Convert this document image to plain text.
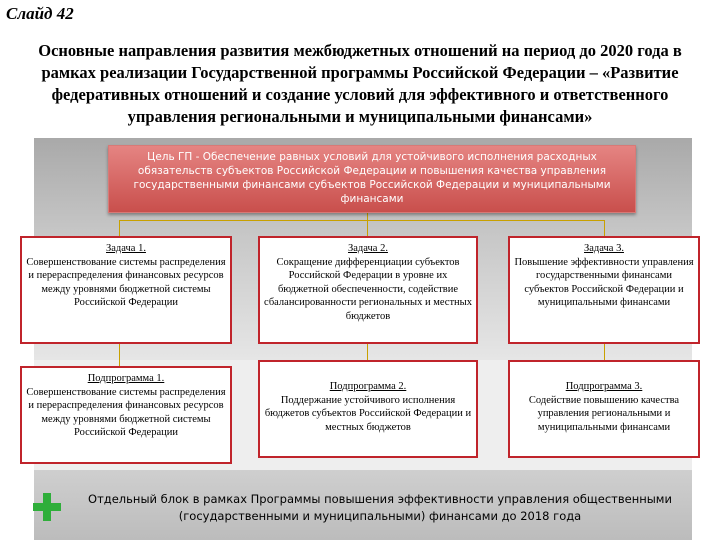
Слайд 42
Основные направления развития межбюджетных отношений на период до 2020 года в рамках реализации Государственной программы Российской Федерации – «Развитие федеративных отношений и создание условий для эффективного и ответственного управления региональными и муниципальными финансами»
Цель ГП - Обеспечение равных условий для устойчивого исполнения расходных обязательств субъектов Российской Федерации и повышения качества управления государственными финансами субъектов Российской Федерации и муниципальными финансами
Задача 1.
Совершенствование системы распределения и перераспределения финансовых ресурсов между уровнями бюджетной системы Российской Федерации
Задача 2.
Сокращение дифференциации субъектов Российской Федерации в уровне их бюджетной обеспеченности, содействие сбалансированности региональных и местных бюджетов
Задача 3.
Повышение эффективности управления государственными финансами субъектов Российской Федерации и муниципальными финансами
Подпрограмма 1.
Совершенствование системы распределения и перераспределения финансовых ресурсов между уровнями бюджетной системы Российской Федерации
Подпрограмма 2.
Поддержание устойчивого исполнения бюджетов субъектов Российской Федерации и местных бюджетов
Подпрограмма 3.
Содействие повышению качества управления региональными и муниципальными финансами
Отдельный блок в рамках Программы повышения эффективности управления общественными (государственными и муниципальными) финансами до 2018 года
